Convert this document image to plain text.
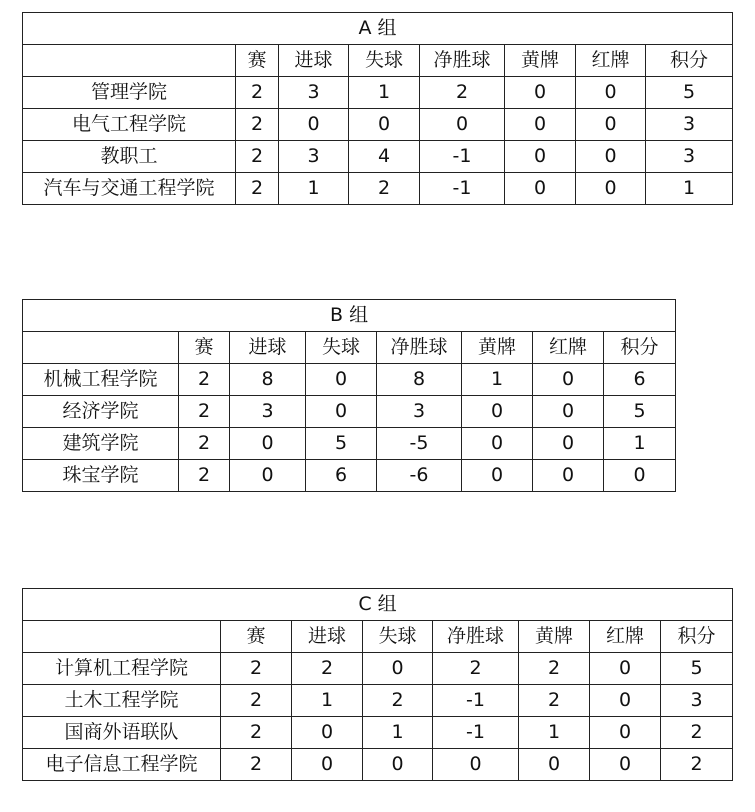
A 组							
	赛	进球	失球	净胜球	黄牌	红牌	积分
管理学院	2	3	1	2	0	0	5
电气工程学院	2	0	0	0	0	0	3
教职工	2	3	4	-1	0	0	3
汽车与交通工程学院	2	1	2	-1	0	0	1
B 组							
	赛	进球	失球	净胜球	黄牌	红牌	积分
机械工程学院	2	8	0	8	1	0	6
经济学院	2	3	0	3	0	0	5
建筑学院	2	0	5	-5	0	0	1
珠宝学院	2	0	6	-6	0	0	0
C 组							
	赛	进球	失球	净胜球	黄牌	红牌	积分
计算机工程学院	2	2	0	2	2	0	5
土木工程学院	2	1	2	-1	2	0	3
国商外语联队	2	0	1	-1	1	0	2
电子信息工程学院	2	0	0	0	0	0	2
